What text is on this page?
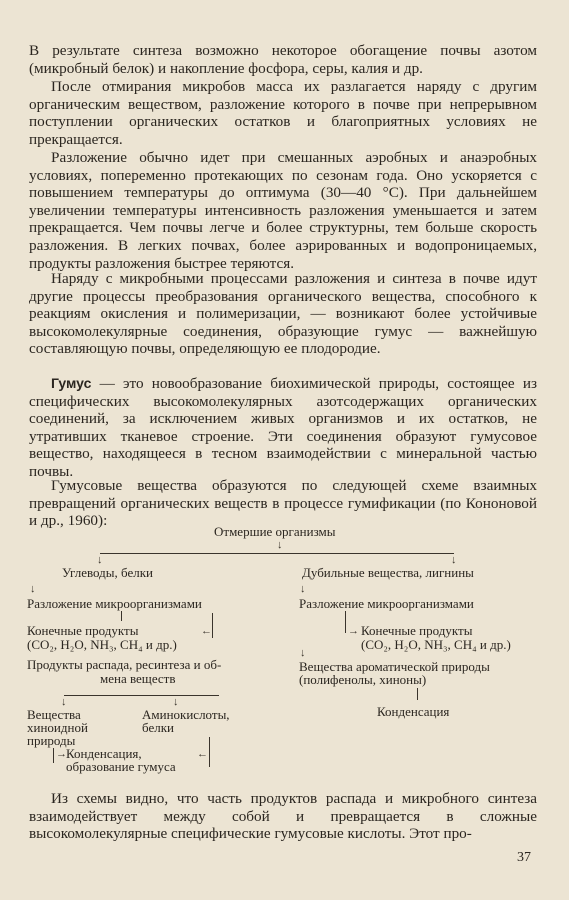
В результате синтеза возможно некоторое обогащение почвы азотом (микробный белок) и накопление фосфора, серы, калия и др.

После отмирания микробов масса их разлагается наряду с другим органическим веществом, разложение которого в почве при непрерывном поступлении органических остатков и благоприятных условиях не прекращается.

Разложение обычно идет при смешанных аэробных и анаэробных условиях, попеременно протекающих по сезонам года. Оно ускоряется с повышением температуры до оптимума (30—40 °C). При дальнейшем увеличении температуры интенсивность разложения уменьшается и затем прекращается. Чем почвы легче и более структурны, тем больше скорость разложения. В легких почвах, более аэрированных и водопроницаемых, продукты разложения быстрее теряются.

Наряду с микробными процессами разложения и синтеза в почве идут другие процессы преобразования органического вещества, способного к реакциям окисления и полимеризации, — возникают более устойчивые высокомолекулярные соединения, образующие гумус — важнейшую составляющую почвы, определяющую ее плодородие.

Гумус — это новообразование биохимической природы, состоящее из специфических высокомолекулярных азотсодержащих органических соединений, за исключением живых организмов и их остатков, не утративших тканевое строение. Эти соединения образуют гумусовое вещество, находящееся в тесном взаимодействии с минеральной частью почвы.

Гумусовые вещества образуются по следующей схеме взаимных превращений органических веществ в процессе гумификации (по Кононовой и др., 1960):

Отмершие организмы
↓
↓	↓
Углеводы, белки
↓
Разложение микроорганизмами
Конечные продукты
(CO₂, H₂O, NH₃, CH₄ и др.)
←
Продукты распада, ресинтеза и об-
мена веществ
↓	↓
Вещества
хиноидной
природы
Аминокислоты,
белки
→ Конденсация,
образование гумуса
←
Дубильные вещества, лигнины
↓
Разложение микроорганизмами
→ Конечные продукты
(CO₂, H₂O, NH₃, CH₄ и др.)
↓
Вещества ароматической природы
(полифенолы, хиноны)
Конденсация

Из схемы видно, что часть продуктов распада и микробного синтеза взаимодействует между собой и превращается в сложные высокомолекулярные специфические гумусовые кислоты. Этот про-

37
